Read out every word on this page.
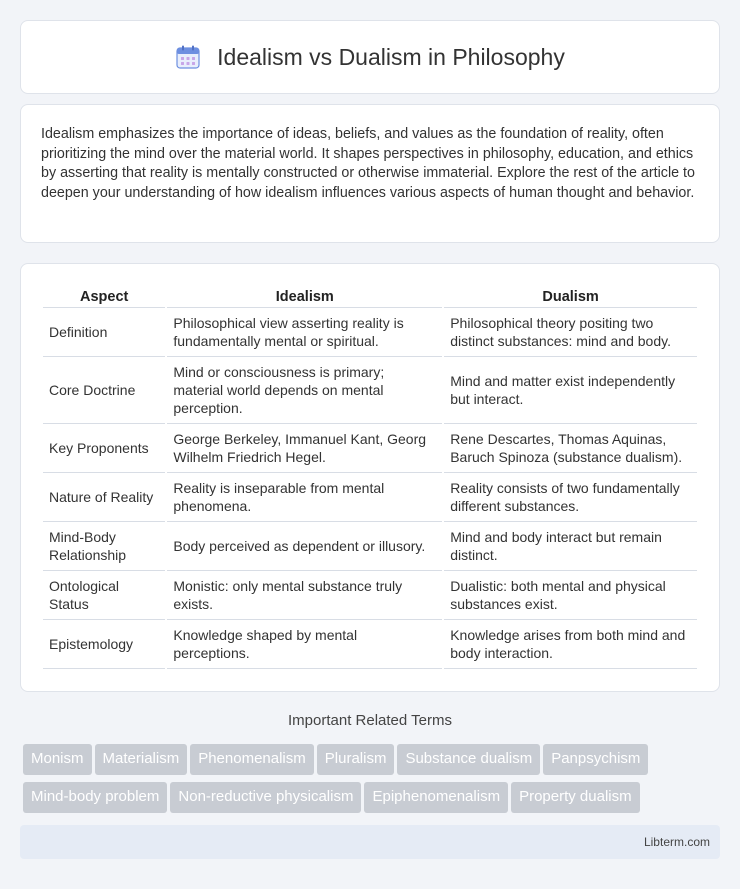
Idealism vs Dualism in Philosophy

Idealism emphasizes the importance of ideas, beliefs, and values as the foundation of reality, often prioritizing the mind over the material world. It shapes perspectives in philosophy, education, and ethics by asserting that reality is mentally constructed or otherwise immaterial. Explore the rest of the article to deepen your understanding of how idealism influences various aspects of human thought and behavior.

Aspect	Idealism	Dualism
Definition	Philosophical view asserting reality is fundamentally mental or spiritual.	Philosophical theory positing two distinct substances: mind and body.
Core Doctrine	Mind or consciousness is primary; material world depends on mental perception.	Mind and matter exist independently but interact.
Key Proponents	George Berkeley, Immanuel Kant, Georg Wilhelm Friedrich Hegel.	Rene Descartes, Thomas Aquinas, Baruch Spinoza (substance dualism).
Nature of Reality	Reality is inseparable from mental phenomena.	Reality consists of two fundamentally different substances.
Mind-Body Relationship	Body perceived as dependent or illusory.	Mind and body interact but remain distinct.
Ontological Status	Monistic: only mental substance truly exists.	Dualistic: both mental and physical substances exist.
Epistemology	Knowledge shaped by mental perceptions.	Knowledge arises from both mind and body interaction.
Important Related Terms
Monism Materialism Phenomenalism Pluralism Substance dualism Panpsychism
Mind-body problem Non-reductive physicalism Epiphenomenalism Property dualism
Libterm.com
